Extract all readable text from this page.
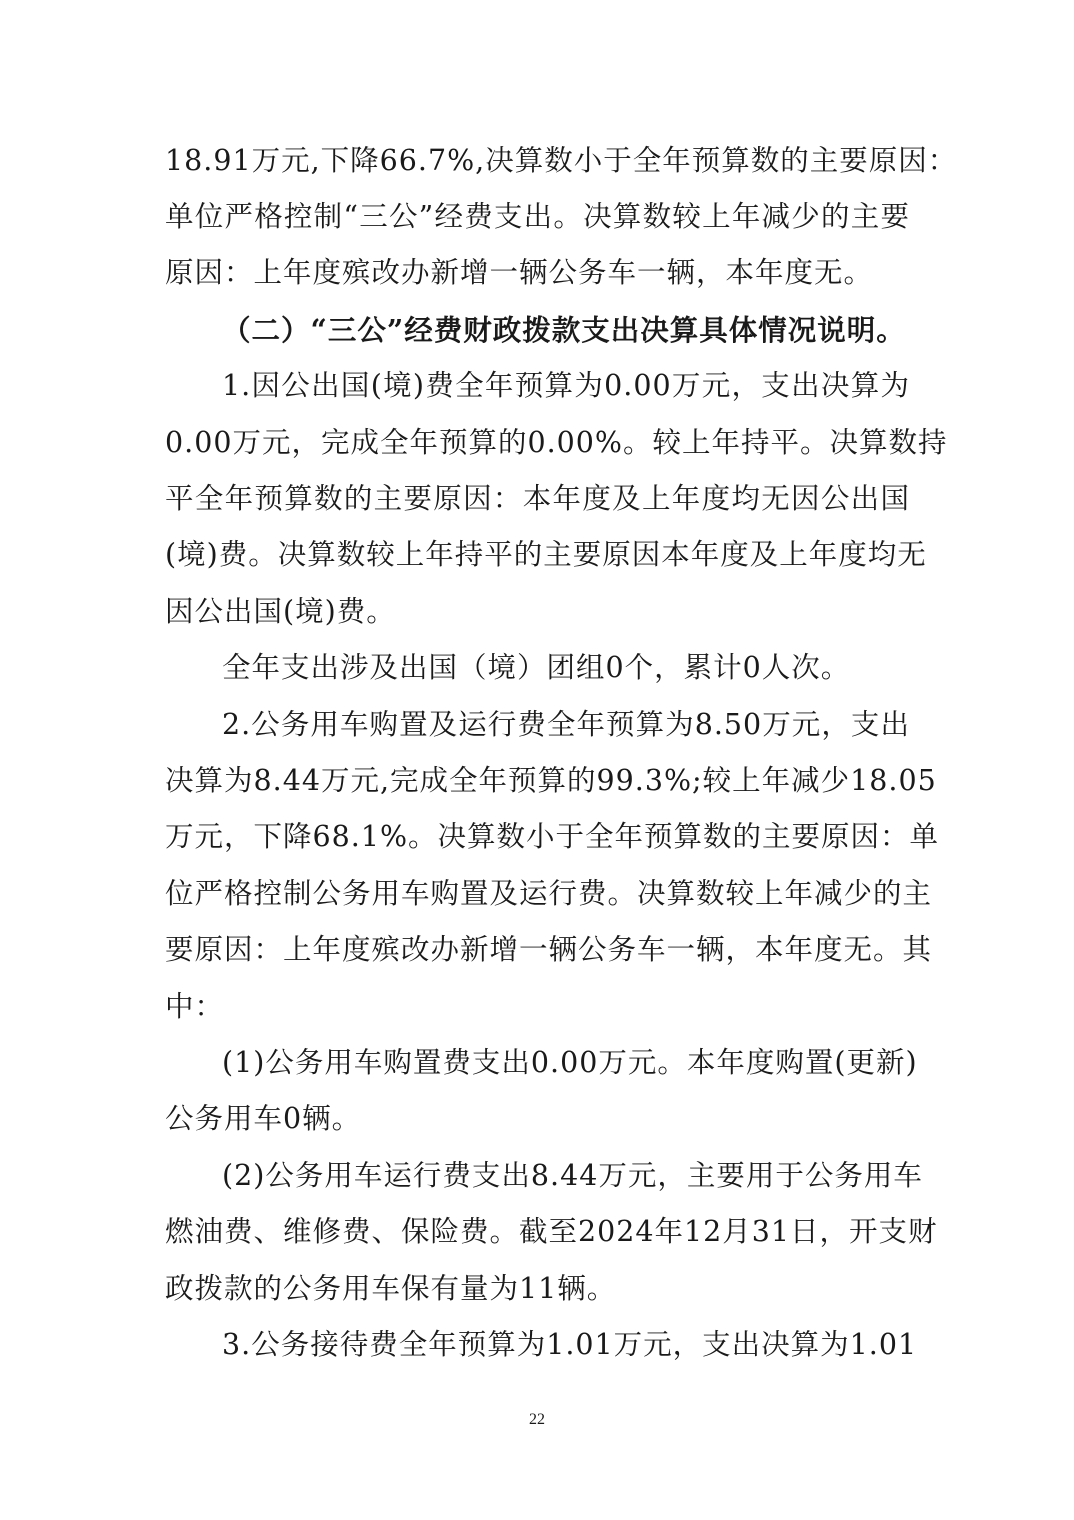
18.91万元,下降66.7%,决算数小于全年预算数的主要原因：
单位严格控制“三公”经费支出。决算数较上年减少的主要
原因：上年度殡改办新增一辆公务车一辆，本年度无。
（二）“三公”经费财政拨款支出决算具体情况说明。
1.因公出国(境)费全年预算为0.00万元，支出决算为
0.00万元，完成全年预算的0.00%。较上年持平。决算数持
平全年预算数的主要原因：本年度及上年度均无因公出国
(境)费。决算数较上年持平的主要原因本年度及上年度均无
因公出国(境)费。
全年支出涉及出国（境）团组0个，累计0人次。
2.公务用车购置及运行费全年预算为8.50万元，支出
决算为8.44万元,完成全年预算的99.3%;较上年减少18.05
万元，下降68.1%。决算数小于全年预算数的主要原因：单
位严格控制公务用车购置及运行费。决算数较上年减少的主
要原因：上年度殡改办新增一辆公务车一辆，本年度无。其
中：
(1)公务用车购置费支出0.00万元。本年度购置(更新)
公务用车0辆。
(2)公务用车运行费支出8.44万元，主要用于公务用车
燃油费、维修费、保险费。截至2024年12月31日，开支财
政拨款的公务用车保有量为11辆。
3.公务接待费全年预算为1.01万元，支出决算为1.01
22
